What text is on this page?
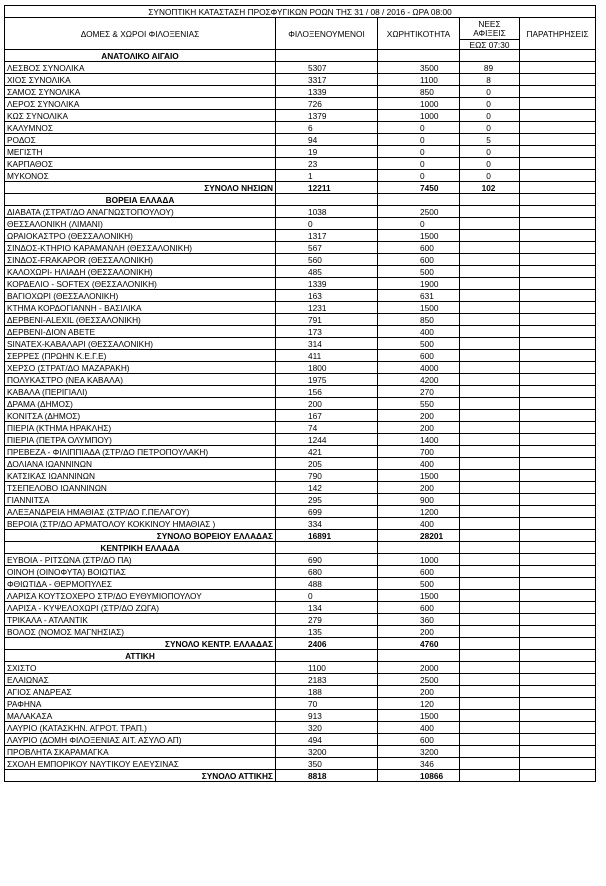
ΣΥΝΟΠΤΙΚΗ ΚΑΤΑΣΤΑΣΗ ΠΡΟΣΦΥΓΙΚΩΝ ΡΟΩΝ ΤΗΣ 31 / 08 / 2016 - ΩΡΑ 08:00				
ΔΟΜΕΣ & ΧΩΡΟΙ ΦΙΛΟΞΕΝΙΑΣ	ΦΙΛΟΞΕΝΟΥΜΕΝΟΙ	ΧΩΡΗΤΙΚΟΤΗΤΑ	ΝΕΕΣ
ΑΦΙΞΕΙΣ	ΠΑΡΑΤΗΡΗΣΕΙΣ
			ΕΩΣ 07:30	
ΑΝΑΤΟΛΙΚΟ ΑΙΓΑΙΟ				
ΛΕΣΒΟΣ ΣΥΝΟΛΙΚΑ	5307	3500	89	
ΧΙΟΣ ΣΥΝΟΛΙΚΑ	3317	1100	8	
ΣΑΜΟΣ ΣΥΝΟΛΙΚΑ	1339	850	0	
ΛΕΡΟΣ ΣΥΝΟΛΙΚΑ	726	1000	0	
ΚΩΣ ΣΥΝΟΛΙΚΑ	1379	1000	0	
ΚΑΛΥΜΝΟΣ	6	0	0	
ΡΟΔΟΣ	94	0	5	
ΜΕΓΙΣΤΗ	19	0	0	
ΚΑΡΠΑΘΟΣ	23	0	0	
ΜΥΚΟΝΟΣ	1	0	0	
ΣΥΝΟΛΟ ΝΗΣΙΩΝ	12211	7450	102	
ΒΟΡΕΙΑ ΕΛΛΑΔΑ				
ΔΙΑΒΑΤΑ (ΣΤΡΑΤ/ΔΟ ΑΝΑΓΝΩΣΤΟΠΟΥΛΟΥ)	1038	2500		
ΘΕΣΣΑΛΟΝΙΚΗ (ΛΙΜΑΝΙ)	0	0		
ΩΡΑΙΟΚΑΣΤΡΟ (ΘΕΣΣΑΛΟΝΙΚΗ)	1317	1500		
ΣΙΝΔΟΣ-ΚΤΗΡΙΟ ΚΑΡΑΜΑΝΛΗ (ΘΕΣΣΑΛΟΝΙΚΗ)	567	600		
ΣΙΝΔΟΣ-FRAKAPOR (ΘΕΣΣΑΛΟΝΙΚΗ)	560	600		
ΚΑΛΟΧΩΡΙ- ΗΛΙΑΔΗ (ΘΕΣΣΑΛΟΝΙΚΗ)	485	500		
ΚΟΡΔΕΛΙΟ - SOFTEX (ΘΕΣΣΑΛΟΝΙΚΗ)	1339	1900		
ΒΑΓΙΟΧΩΡΙ (ΘΕΣΣΑΛΟΝΙΚΗ)	163	631		
ΚΤΗΜΑ ΚΟΡΔΟΓΙΑΝΝΗ - ΒΑΣΙΛΙΚΑ	1231	1500		
ΔΕΡΒΕΝΙ-ALEXIL (ΘΕΣΣΑΛΟΝΙΚΗ)	791	850		
ΔΕΡΒΕΝΙ-ΔΙΟΝ ΑΒΕΤΕ	173	400		
SINATEX-ΚΑΒΑΛΑΡΙ (ΘΕΣΣΑΛΟΝΙΚΗ)	314	500		
ΣΕΡΡΕΣ (ΠΡΩΗΝ Κ.Ε.Γ.Ε)	411	600		
ΧΕΡΣΟ (ΣΤΡΑΤ/ΔΟ ΜΑΖΑΡΑΚΗ)	1800	4000		
ΠΟΛΥΚΑΣΤΡΟ (ΝΕΑ ΚΑΒΑΛΑ)	1975	4200		
ΚΑΒΑΛΑ (ΠΕΡΙΓΙΑΛΙ)	156	270		
ΔΡΑΜΑ (ΔΗΜΟΣ)	200	550		
ΚΟΝΙΤΣΑ (ΔΗΜΟΣ)	167	200		
ΠΙΕΡΙΑ (ΚΤΗΜΑ ΗΡΑΚΛΗΣ)	74	200		
ΠΙΕΡΙΑ (ΠΕΤΡΑ ΟΛΥΜΠΟΥ)	1244	1400		
ΠΡΕΒΕΖΑ - ΦΙΛΙΠΠΙΑΔΑ (ΣΤΡ/ΔΟ ΠΕΤΡΟΠΟΥΛΑΚΗ)	421	700		
ΔΟΛΙΑΝΑ ΙΩΑΝΝΙΝΩΝ	205	400		
ΚΑΤΣΙΚΑΣ ΙΩΑΝΝΙΝΩΝ	790	1500		
ΤΣΕΠΕΛΟΒΟ ΙΩΑΝΝΙΝΩΝ	142	200		
ΓΙΑΝΝΙΤΣΑ	295	900		
ΑΛΕΞΑΝΔΡΕΙΑ ΗΜΑΘΙΑΣ (ΣΤΡ/ΔΟ Γ.ΠΕΛΑΓΟΥ)	699	1200		
ΒΕΡΟΙΑ (ΣΤΡ/ΔΟ ΑΡΜΑΤΟΛΟΥ ΚΟΚΚΙΝΟΥ ΗΜΑΘΙΑΣ )	334	400		
ΣΥΝΟΛΟ ΒΟΡΕΙΟΥ ΕΛΛΑΔΑΣ	16891	28201		
ΚΕΝΤΡΙΚΗ ΕΛΛΑΔΑ				
ΕΥΒΟΙΑ - ΡΙΤΣΩΝΑ (ΣΤΡ/ΔΟ ΠΑ)	690	1000		
ΟΙΝΟΗ (ΟΙΝΟΦΥΤΑ) ΒΟΙΩΤΙΑΣ	680	600		
ΦΘΙΩΤΙΔΑ - ΘΕΡΜΟΠΥΛΕΣ	488	500		
ΛΑΡΙΣΑ ΚΟΥΤΣΟΧΕΡΟ ΣΤΡ/ΔΟ ΕΥΘΥΜΙΟΠΟΥΛΟΥ	0	1500		
ΛΑΡΙΣΑ - ΚΥΨΕΛΟΧΩΡΙ (ΣΤΡ/ΔΟ ΖΩΓΑ)	134	600		
ΤΡΙΚΑΛΑ - ΑΤΛΑΝΤΙΚ	279	360		
ΒΟΛΟΣ (ΝΟΜΟΣ ΜΑΓΝΗΣΙΑΣ)	135	200		
ΣΥΝΟΛΟ ΚΕΝΤΡ. ΕΛΛΑΔΑΣ	2406	4760		
ΑΤΤΙΚΗ				
ΣΧΙΣΤΟ	1100	2000		
ΕΛΑΙΩΝΑΣ	2183	2500		
ΑΓΙΟΣ ΑΝΔΡΕΑΣ	188	200		
ΡΑΦΗΝΑ	70	120		
ΜΑΛΑΚΑΣΑ	913	1500		
ΛΑΥΡΙΟ (ΚΑΤΑΣΚΗΝ. ΑΓΡΟΤ. ΤΡΑΠ.)	320	400		
ΛΑΥΡΙΟ (ΔΟΜΗ ΦΙΛΟΞΕΝΙΑΣ ΑΙΤ. ΑΣΥΛΟ ΑΠ)	494	600		
ΠΡΟΒΛΗΤΑ ΣΚΑΡΑΜΑΓΚΑ	3200	3200		
ΣΧΟΛΗ ΕΜΠΟΡΙΚΟΥ ΝΑΥΤΙΚΟΥ ΕΛΕΥΣΙΝΑΣ	350	346		
ΣΥΝΟΛΟ ΑΤΤΙΚΗΣ	8818	10866		
